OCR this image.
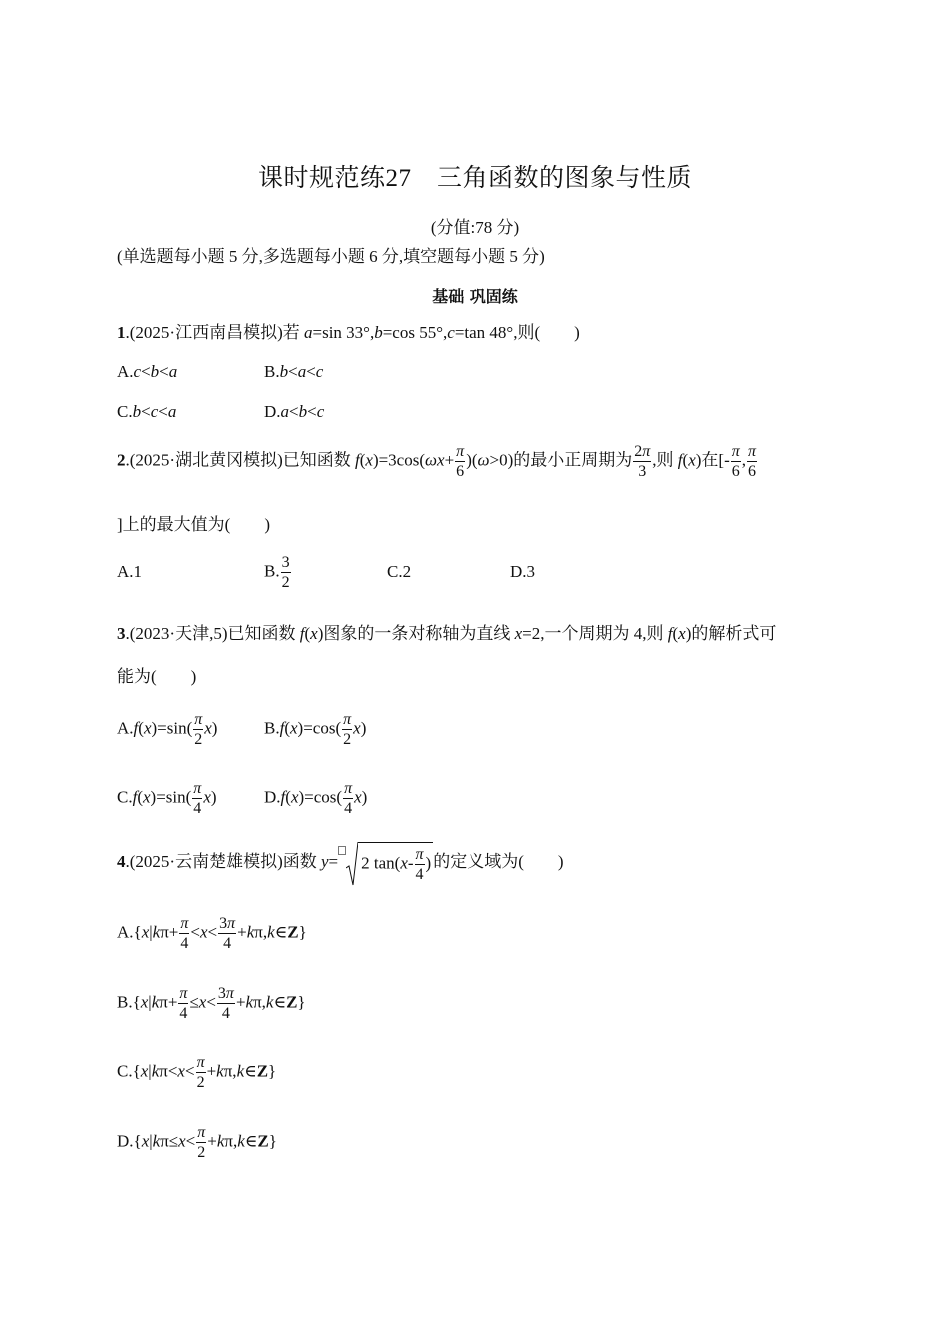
课时规范练27　三角函数的图象与性质
(分值:78 分)
(单选题每小题 5 分,多选题每小题 6 分,填空题每小题 5 分)
基础 巩固练
1.(2025·江西南昌模拟)若 a=sin 33°,b=cos 55°,c=tan 48°,则(　　)
A.c<b<a	B.b<a<c
C.b<c<a	D.a<b<c
2.(2025·湖北黄冈模拟)已知函数 $f(x)=3\cos(\omega x+ \frac{\pi}{6} )(\omega>0)$的最小正周期为 $\frac{2\pi}{3}$ ,则 f(x)在[- $\frac{\pi}{6}$ , $\frac{\pi}{6}$
]上的最大值为(　　)
A.1	B. $\frac{3}{2}$	C.2	D.3
3.(2023·天津,5)已知函数 f(x)图象的一条对称轴为直线 x=2,一个周期为 4,则 f(x)的解析式可
能为(　　)
$A.f(x)=\sin( \frac{\pi}{2} x)$	$B.f(x)=\cos( \frac{\pi}{2} x)$
$C.f(x)=\sin( \frac{\pi}{4} x)$	$D.f(x)=\cos( \frac{\pi}{4} x)$
4.(2025·云南楚雄模拟)函数 y= 2 $\tan(x- \frac{\pi}{4}$ ) 的定义域为(　　)
$A.\{x|k\pi+ \frac{\pi}{4} <x< \frac{3\pi}{4}$ +kπ,k∈Z}
$B.\{x|k\pi+ \frac{\pi}{4} \le x< \frac{3\pi}{4}$ +kπ,k∈Z}
$C.\{x|k\pi<x< \frac{\pi}{2}$ +kπ,k∈Z}
$D.\{x|k\pi\le x< \frac{\pi}{2}$ +kπ,k∈Z}
